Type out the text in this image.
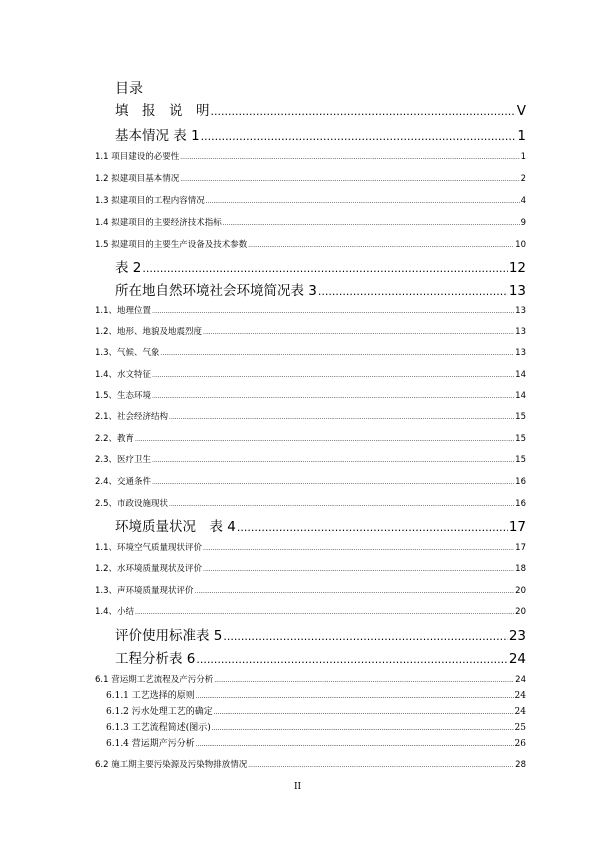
目录
填　报　说　明 .....	V
基本情况 表 1 .....	1
1.1 项目建设的必要性 .....	1
1.2 拟建项目基本情况 .....	2
1.3 拟建项目的工程内容情况 .....	4
1.4 拟建项目的主要经济技术指标 .....	9
1.5 拟建项目的主要生产设备及技术参数 .....	10
表 2 .....	12
所在地自然环境社会环境简况表 3 .....	13
1.1、地理位置 .....	13
1.2、地形、地貌及地震烈度 .....	13
1.3、气候、气象 .....	13
1.4、水文特征 .....	14
1.5、生态环境 .....	14
2.1、社会经济结构 .....	15
2.2、教育 .....	15
2.3、医疗卫生 .....	15
2.4、交通条件 .....	16
2.5、市政设施现状 .....	16
环境质量状况　表 4 .....	17
1.1、环境空气质量现状评价 .....	17
1.2、水环境质量现状及评价 .....	18
1.3、声环境质量现状评价 .....	20
1.4、小结 .....	20
评价使用标准表 5 .....	23
工程分析表 6 .....	24
6.1 营运期工艺流程及产污分析 .....	24
6.1.1 工艺选择的原则 .....	24
6.1.2 污水处理工艺的确定 .....	24
6.1.3 工艺流程简述(图示) .....	25
6.1.4 营运期产污分析 .....	26
6.2 施工期主要污染源及污染物排放情况 .....	28
II
